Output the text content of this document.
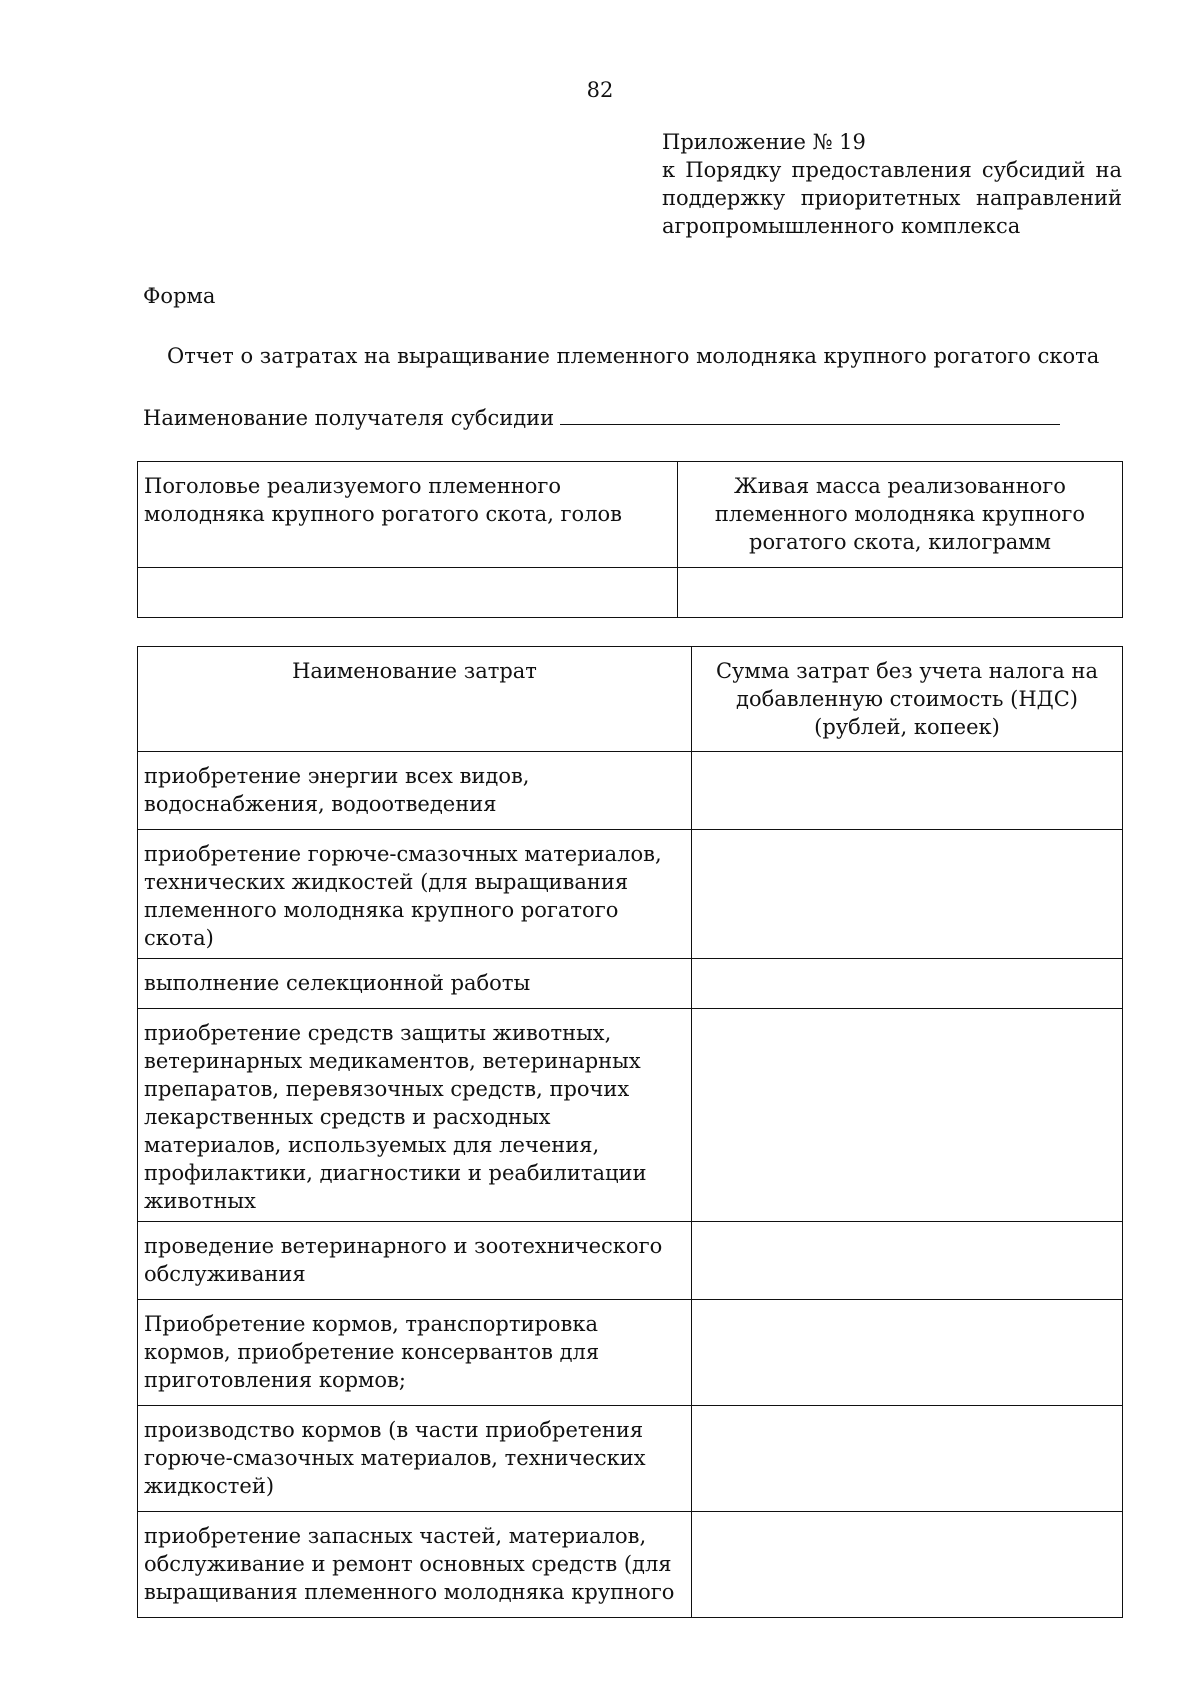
82
Приложение № 19
к Порядку предоставления субсидий на
поддержку приоритетных направлений
агропромышленного комплекса
Форма
Отчет о затратах на выращивание племенного молодняка крупного рогатого скота
Наименование получателя субсидии
Поголовье реализуемого племенного молодняка крупного рогатого скота, голов	Живая масса реализованного племенного молодняка крупного рогатого скота, килограмм

Наименование затрат	Сумма затрат без учета налога на добавленную стоимость (НДС) (рублей, копеек)
приобретение энергии всех видов, водоснабжения, водоотведения	
приобретение горюче-смазочных материалов, технических жидкостей (для выращивания племенного молодняка крупного рогатого скота)	
выполнение селекционной работы	
приобретение средств защиты животных, ветеринарных медикаментов, ветеринарных препаратов, перевязочных средств, прочих лекарственных средств и расходных материалов, используемых для лечения, профилактики, диагностики и реабилитации животных	
проведение ветеринарного и зоотехнического обслуживания	
Приобретение кормов, транспортировка кормов, приобретение консервантов для приготовления кормов;	
производство кормов (в части приобретения горюче-смазочных материалов, технических жидкостей)	
приобретение запасных частей, материалов, обслуживание и ремонт основных средств (для выращивания племенного молодняка крупного	
